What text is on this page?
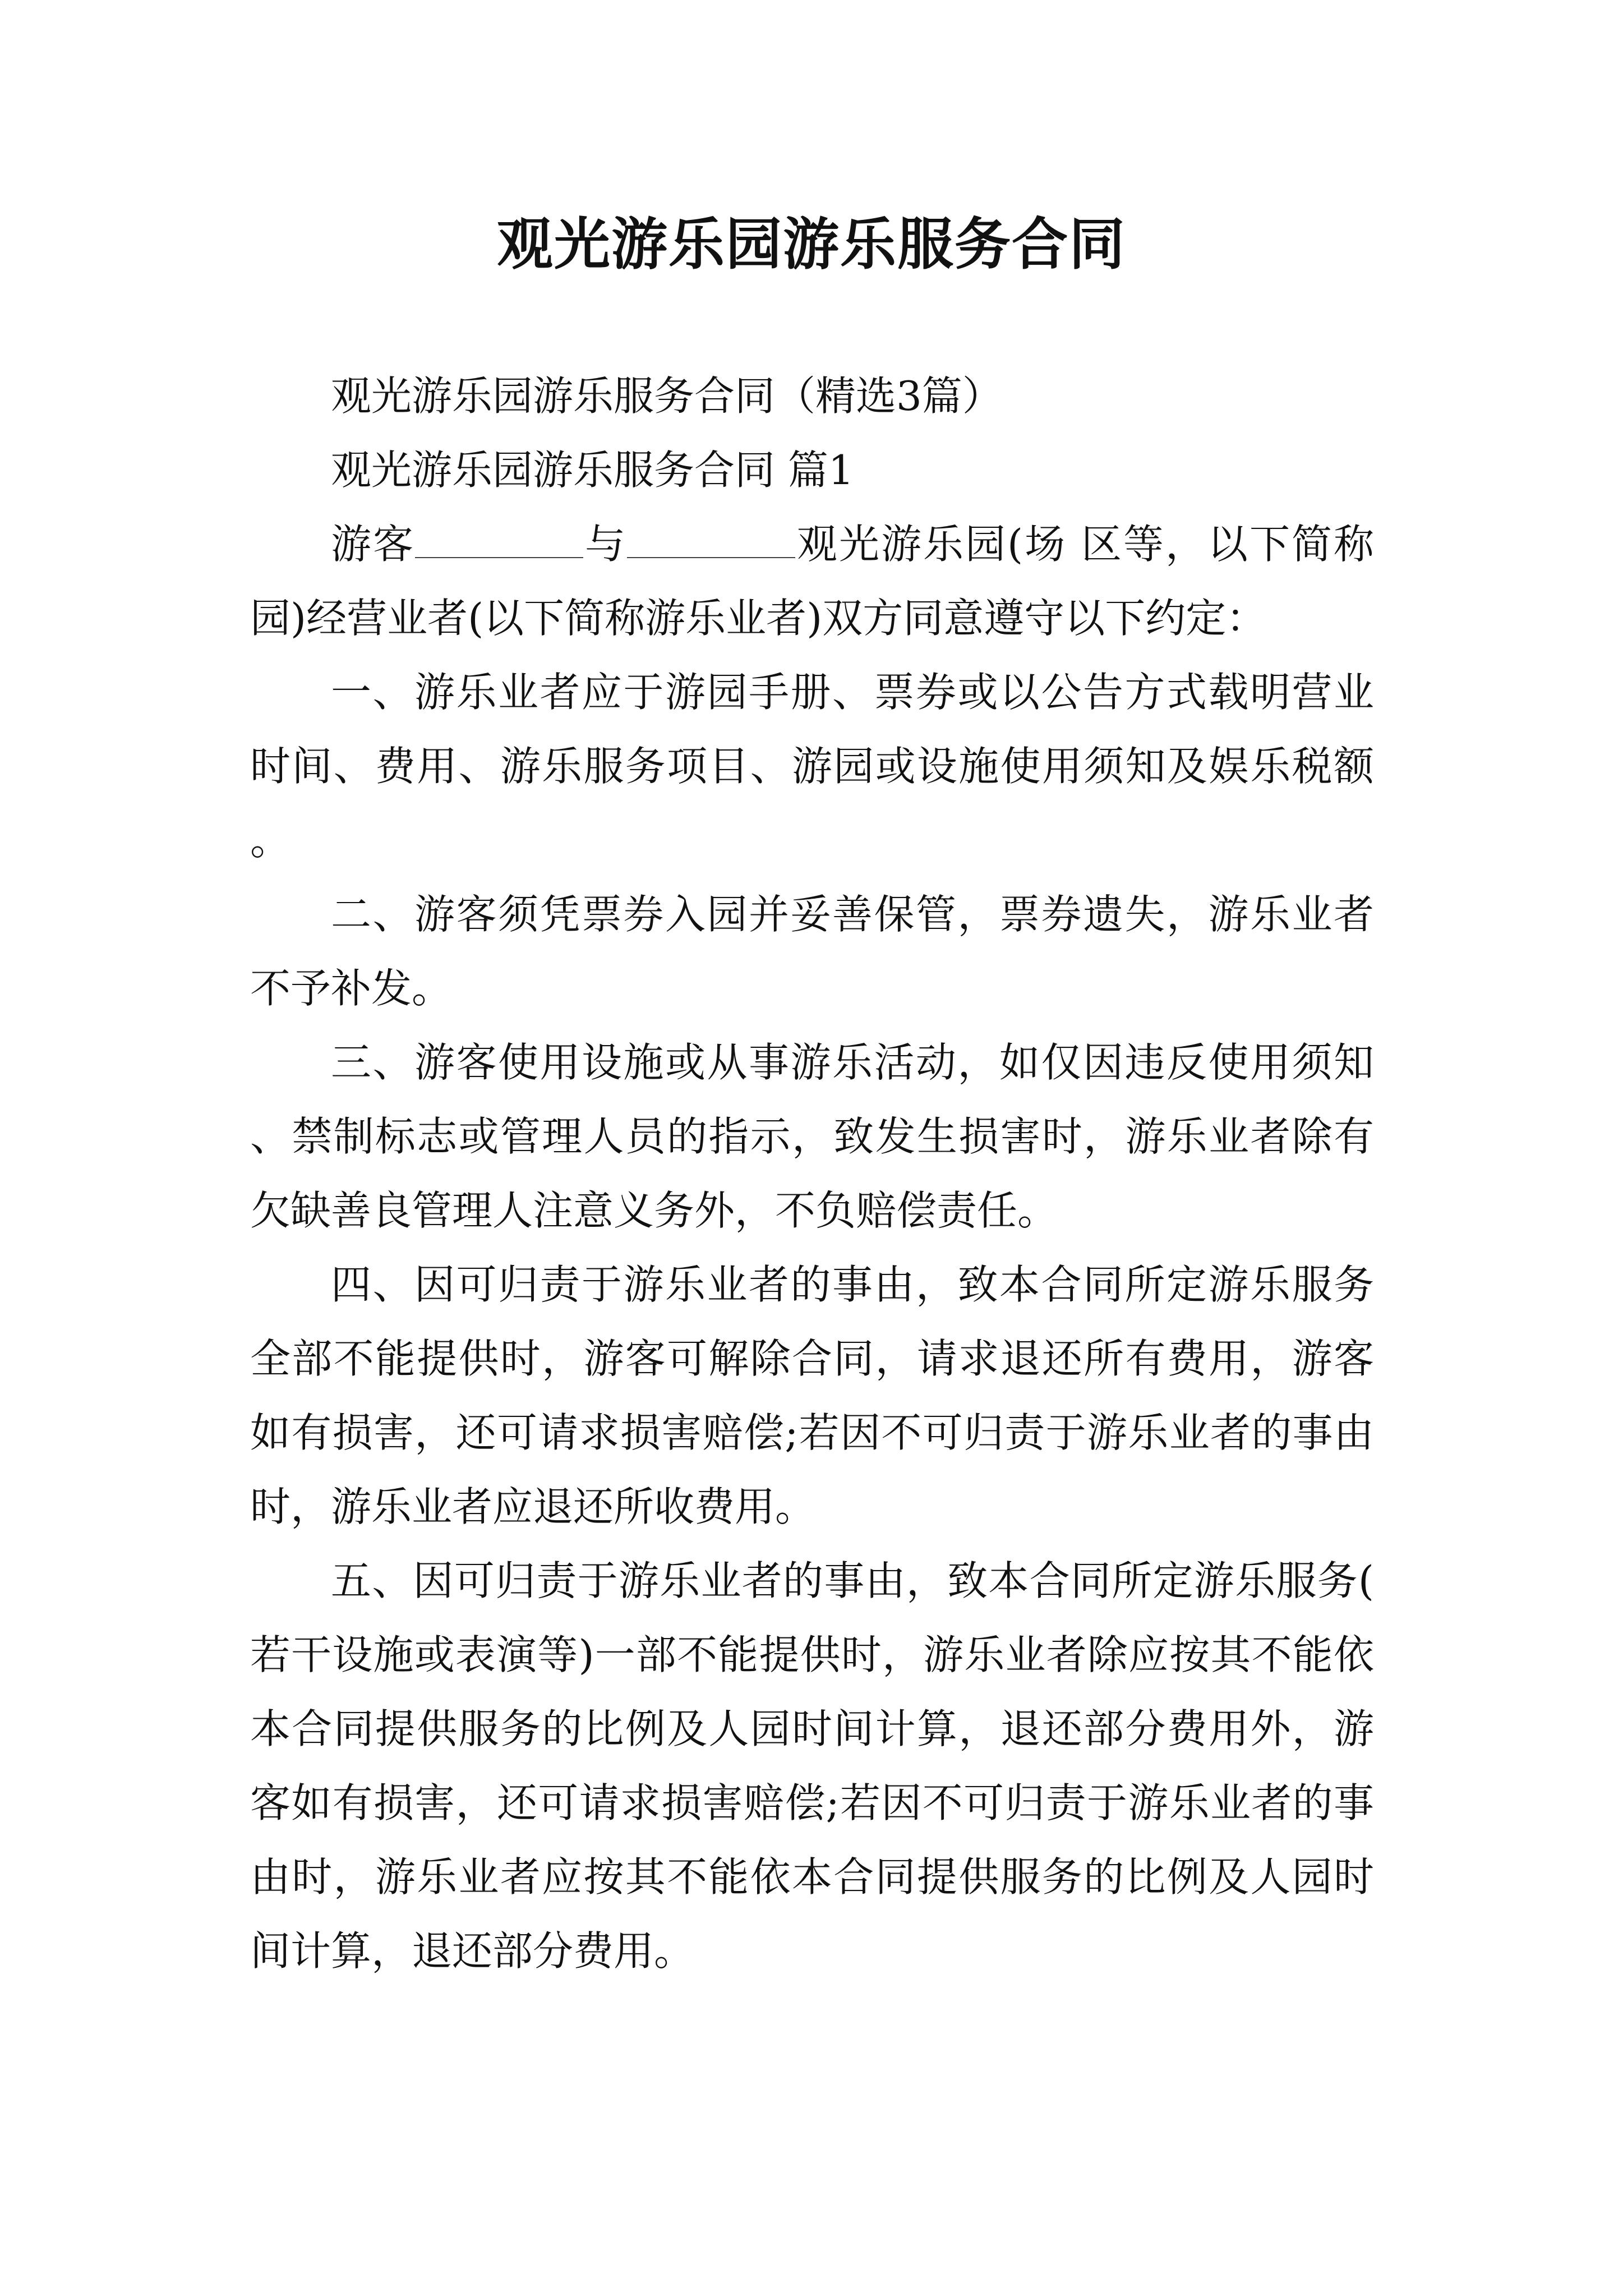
观光游乐园游乐服务合同

观光游乐园游乐服务合同（精选3篇）

观光游乐园游乐服务合同 篇1

游客	与	观光游乐园(场 区等，以下简称园)经营业者(以下简称游乐业者)双方同意遵守以下约定：

一、游乐业者应于游园手册、票券或以公告方式载明营业时间、费用、游乐服务项目、游园或设施使用须知及娱乐税额。

二、游客须凭票券入园并妥善保管，票券遗失，游乐业者不予补发。

三、游客使用设施或从事游乐活动，如仅因违反使用须知、禁制标志或管理人员的指示，致发生损害时，游乐业者除有欠缺善良管理人注意义务外，不负赔偿责任。

四、因可归责于游乐业者的事由，致本合同所定游乐服务全部不能提供时，游客可解除合同，请求退还所有费用，游客如有损害，还可请求损害赔偿;若因不可归责于游乐业者的事由时，游乐业者应退还所收费用。

五、因可归责于游乐业者的事由，致本合同所定游乐服务(若干设施或表演等)一部不能提供时，游乐业者除应按其不能依本合同提供服务的比例及人园时间计算，退还部分费用外，游客如有损害，还可请求损害赔偿;若因不可归责于游乐业者的事由时，游乐业者应按其不能依本合同提供服务的比例及人园时间计算，退还部分费用。
